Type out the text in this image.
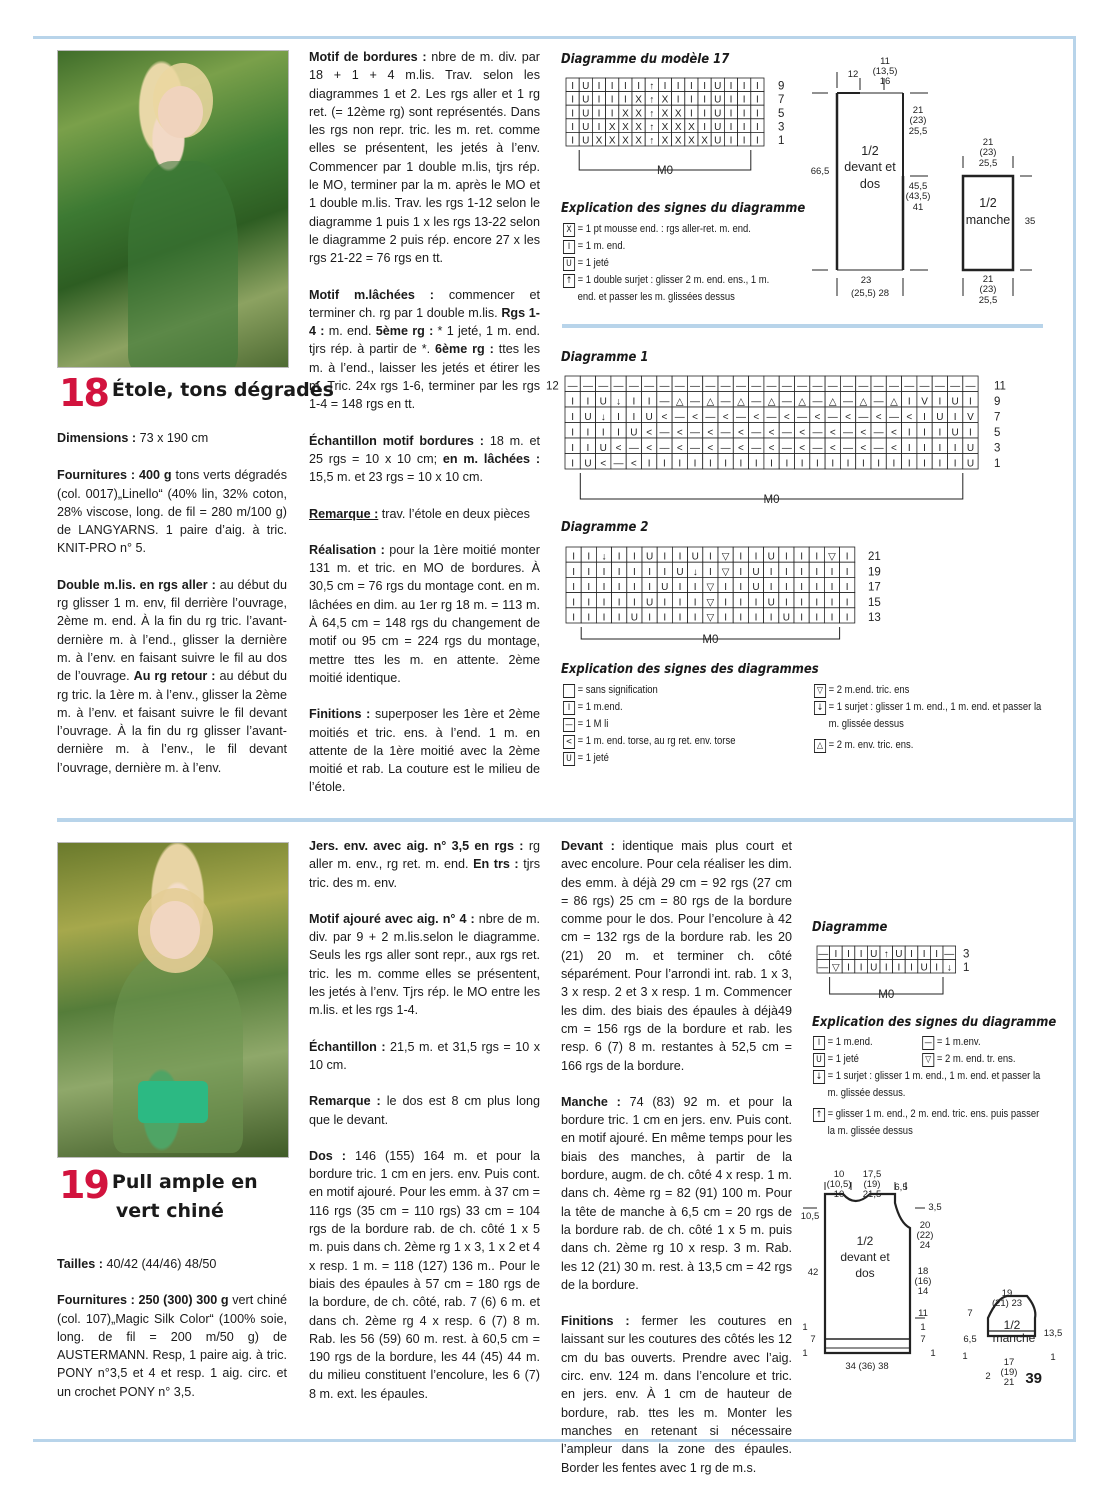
18 Étole, tons dégradés

Dimensions : 73 x 190 cm

Fournitures : 400 g tons verts dégradés (col. 0017)„Linello“ (40% lin, 32% coton, 28% viscose, long. de fil = 280 m/100 g) de LANGYARNS. 1 paire d’aig. à tric. KNIT-PRO n° 5.

Double m.lis. en rgs aller : au début du rg glisser 1 m. env, fil derrière l’ouvrage, 2ème m. end. À la fin du rg tric. l’avant-dernière m. à l’end., glisser la dernière m. à l’env. en faisant suivre le fil au dos de l’ouvrage. Au rg retour : au début du rg tric. la 1ère m. à l’env., glisser la 2ème m. à l’env. et faisant suivre le fil devant l’ouvrage. À la fin du rg glisser l’avant-dernière m. à l’env., le fil devant l’ouvrage, dernière m. à l’env.

Motif de bordures : nbre de m. div. par 18 + 1 + 4 m.lis. Trav. selon les diagrammes 1 et 2. Les rgs aller et 1 rg ret. (= 12ème rg) sont représentés. Dans les rgs non repr. tric. les m. ret. comme elles se présentent, les jetés à l’env. Commencer par 1 double m.lis, tjrs rép. le MO, terminer par la m. après le MO et 1 double m.lis. Trav. les rgs 1-12 selon le diagramme 1 puis 1 x les rgs 13-22 selon le diagramme 2 puis rép. encore 27 x les rgs 21-22 = 76 rgs en tt.

Motif m.lâchées : commencer et terminer ch. rg par 1 double m.lis. Rgs 1-4 : m. end. 5ème rg : * 1 jeté, 1 m. end. tjrs rép. à partir de *. 6ème rg : ttes les m. à l’end., laisser les jetés et étirer les m. Tric. 24x rgs 1-6, terminer par les rgs 1-4 = 148 rgs en tt.

Échantillon motif bordures : 18 m. et 25 rgs = 10 x 10 cm; en m. lâchées : 15,5 m. et 23 rgs = 10 x 10 cm.

Remarque : trav. l’étole en deux pièces

Réalisation : pour la 1ère moitié monter 131 m. et tric. en MO de bordures. À 30,5 cm = 76 rgs du montage cont. en m. lâchées en dim. au 1er rg 18 m. = 113 m. À 64,5 cm = 148 rgs du changement de motif ou 95 cm = 224 rgs du montage, mettre ttes les m. en attente. 2ème moitié identique.

Finitions : superposer les 1ère et 2ème moitiés et tric. ens. à l’end. 1 m. en attente de la 1ère moitié avec la 2ème moitié et rab. La couture est le milieu de l’étole.

Diagramme du modèle 17
I U I I I I ↑ I I I I U I I I 9
I U I I I X ↑ X I I I U I I I 7
I U I I X X ↑ X X I I U I I I 5
I U I X X X ↑ X X X I U I I I 3
I U X X X X ↑ X X X X U I I I 1
M0
Explication des signes du diagramme
X = 1 pt mousse end. : rgs aller-ret. m. end.
I = 1 m. end.
U = 1 jeté
↑ = 1 double surjet : glisser 2 m. end. ens., 1 m. end. et passer les m. glissées dessus
11
(13,5)
16
12
21
(23)
25,5
66,5
1/2
devant et
dos	45,5
(43,5)
41
23
(25,5) 28
21
(23)
25,5
1/2
manche 35
21
(23)
25,5
Diagramme 1
— — — — — — — — — — — — — — — — — — — — — — — — — — — 11
I I U ↓ I I — △ — △ — △ — △ — △ — △ — △ — △ I V I U I 9
I U ↓ I I U < — < — < — < — < — < — < — < — < I U I V 7
I I I I U < — < — < — < — < — < — < — < — < I I I U I 5
I I U < — < — < — < — < — < — < — < — < — < I I I I U 3
I U < — < I I I I I I I I I I I I I I I I I I I I I U 1
12
M0
Diagramme 2
I I ↓ I I U I I U I ▽ I I U I I I ▽ I 21
I I I I I I I U ↓ I ▽ I U I I I I I I 19
I I I I I I U I I ▽ I I U I I I I I I 17
I I I I I U I I I ▽ I I I U I I I I I 15
I I I I U I I I I ▽ I I I I U I I I I 13
M0
Explication des signes des diagrammes
= sans signification
I = 1 m.end.
— = 1 M li
< = 1 m. end. torse, au rg ret. env. torse
U = 1 jeté
▽ = 2 m.end. tric. ens
↓ = 1 surjet : glisser 1 m. end., 1 m. end. et passer la m. glissée dessus
△ = 2 m. env. tric. ens.
19 Pull ample en
vert chiné

Tailles : 40/42 (44/46) 48/50

Fournitures : 250 (300) 300 g vert chiné (col. 107)„Magic Silk Color“ (100% soie, long. de fil = 200 m/50 g) de AUSTERMANN. Resp, 1 paire aig. à tric. PONY n°3,5 et 4 et resp. 1 aig. circ. et un crochet PONY n° 3,5.

Jers. env. avec aig. n° 3,5 en rgs : rg aller m. env., rg ret. m. end. En trs : tjrs tric. des m. env.

Motif ajouré avec aig. n° 4 : nbre de m. div. par 9 + 2 m.lis.selon le diagramme. Seuls les rgs aller sont repr., aux rgs ret. tric. les m. comme elles se présentent, les jetés à l’env. Tjrs rép. le MO entre les m.lis. et les rgs 1-4.

Échantillon : 21,5 m. et 31,5 rgs = 10 x 10 cm.

Remarque : le dos est 8 cm plus long que le devant.

Dos : 146 (155) 164 m. et pour la bordure tric. 1 cm en jers. env. Puis cont. en motif ajouré. Pour les emm. à 37 cm = 116 rgs (35 cm = 110 rgs) 33 cm = 104 rgs de la bordure rab. de ch. côté 1 x 5 m. puis dans ch. 2ème rg 1 x 3, 1 x 2 et 4 x resp. 1 m. = 118 (127) 136 m.. Pour le biais des épaules à 57 cm = 180 rgs de la bordure, de ch. côté, rab. 7 (6) 6 m. et dans ch. 2ème rg 4 x resp. 6 (7) 8 m. Rab. les 56 (59) 60 m. rest. à 60,5 cm = 190 rgs de la bordure, les 44 (45) 44 m. du milieu constituent l’encolure, les 6 (7) 8 m. ext. les épaules.

Devant : identique mais plus court et avec encolure. Pour cela réaliser les dim. des emm. à déjà 29 cm = 92 rgs (27 cm = 86 rgs) 25 cm = 80 rgs de la bordure comme pour le dos. Pour l’encolure à 42 cm = 132 rgs de la bordure rab. les 20 (21) 20 m. et terminer ch. côté séparément. Pour l’arrondi int. rab. 1 x 3, 3 x resp. 2 et 3 x resp. 1 m. Commencer les dim. des biais des épaules à déjà49 cm = 156 rgs de la bordure et rab. les resp. 6 (7) 8 m. restantes à 52,5 cm = 166 rgs de la bordure.

Manche : 74 (83) 92 m. et pour la bordure tric. 1 cm en jers. env. Puis cont. en motif ajouré. En même temps pour les biais des manches, à partir de la bordure, augm. de ch. côté 4 x resp. 1 m. dans ch. 4ème rg = 82 (91) 100 m. Pour la tête de manche à 6,5 cm = 20 rgs de la bordure rab. de ch. côté 1 x 5 m. puis dans ch. 2ème rg 10 x resp. 3 m. Rab. les 12 (21) 30 m. rest. à 13,5 cm = 42 rgs de la bordure.

Finitions : fermer les coutures en laissant sur les coutures des côtés les 12 cm du bas ouverts. Prendre avec l’aig. circ. env. 124 m. dans l’encolure et tric. en jers. env. À 1 cm de hauteur de bordure, rab. ttes les m. Monter les manches en retenant si nécessaire l’ampleur dans la zone des épaules. Border les fentes avec 1 rg de m.s.

Diagramme
— I I I U ↑ U I I I — 3
— ▽ I I U I I I U I ↓ 1
M0
Explication des signes du diagramme
I = 1 m.end.	— = 1 m.env.
U = 1 jeté	▽ = 2 m. end. tr. ens.
↓ = 1 surjet : glisser 1 m. end., 1 m. end. et passer la m. glissée dessus.
↑ = glisser 1 m. end., 2 m. end. tric. ens. puis passer la m. glissée dessus
10
(10,5)
10
17,5
(19)
21,5
6,5
3,5
10,5
20
(22)
24
1/2
devant et
dos
42	18
(16)
14
11
1
7
1
1
7
1
34 (36) 38
19
(21) 23
7
6,5
1
1/2
manche 13,5
1
17
(19)
21
2 39
